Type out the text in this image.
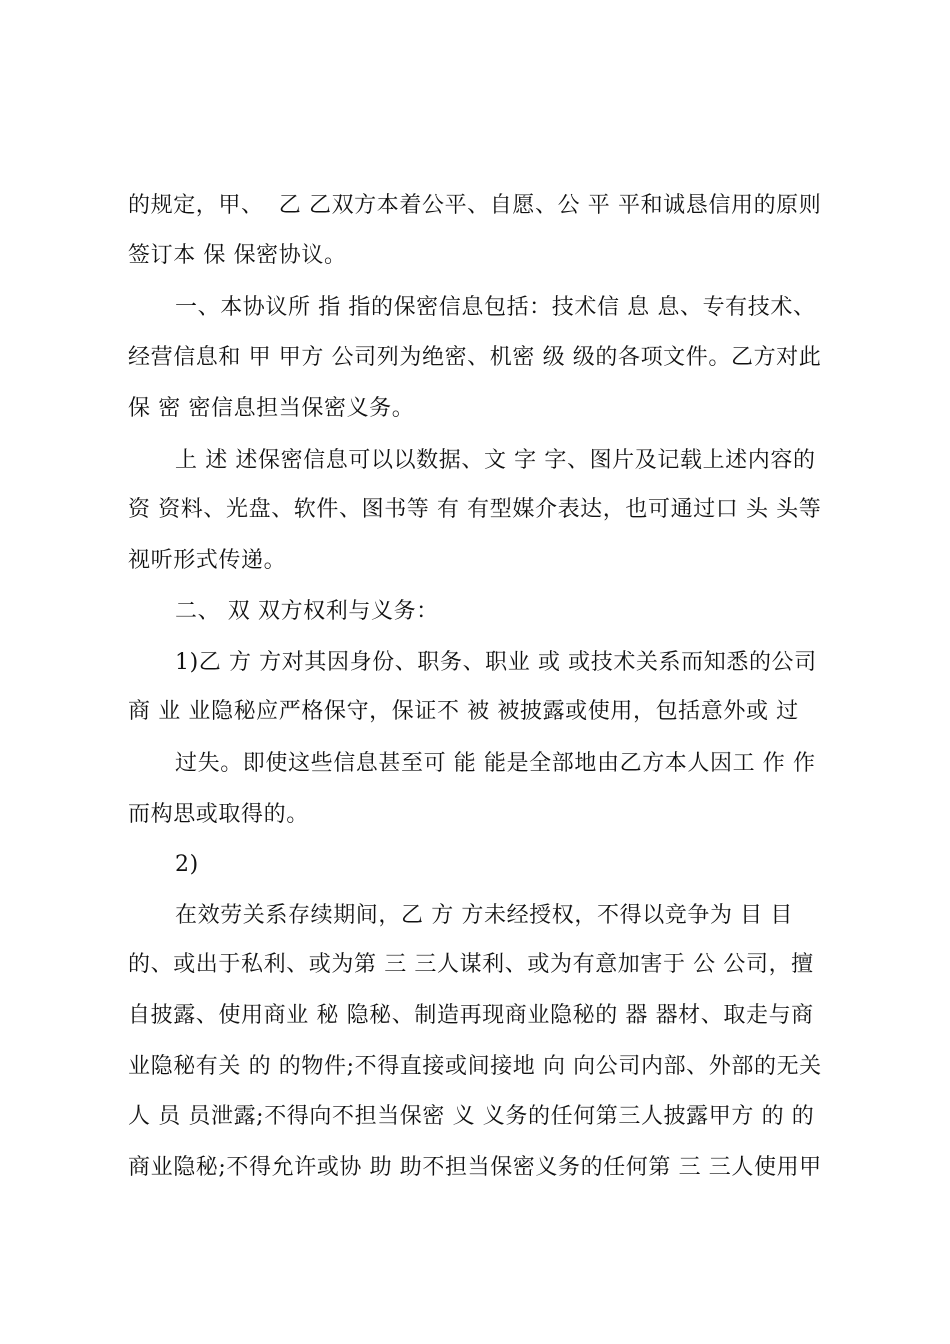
的规定，甲、  乙 乙双方本着公平、自愿、公 平 平和诚恳信用的原则
签订本 保 保密协议。
一、本协议所 指 指的保密信息包括：技术信 息 息、专有技术、
经营信息和 甲 甲方 公司列为绝密、机密 级 级的各项文件。乙方对此
保 密 密信息担当保密义务。
上 述 述保密信息可以以数据、文 字 字、图片及记载上述内容的
资 资料、光盘、软件、图书等 有 有型媒介表达，也可通过口 头 头等
视听形式传递。
二、 双 双方权利与义务：
1)乙 方 方对其因身份、职务、职业 或 或技术关系而知悉的公司
商 业 业隐秘应严格保守，保证不 被 被披露或使用，包括意外或 过
过失。即使这些信息甚至可 能 能是全部地由乙方本人因工 作 作
而构思或取得的。
2)
在效劳关系存续期间，乙 方 方未经授权，不得以竞争为 目 目
的、或出于私利、或为第 三 三人谋利、或为有意加害于 公 公司，擅
自披露、使用商业 秘 隐秘、制造再现商业隐秘的 器 器材、取走与商
业隐秘有关 的 的物件;不得直接或间接地 向 向公司内部、外部的无关
人 员 员泄露;不得向不担当保密 义 义务的任何第三人披露甲方 的 的
商业隐秘;不得允许或协 助 助不担当保密义务的任何第 三 三人使用甲
